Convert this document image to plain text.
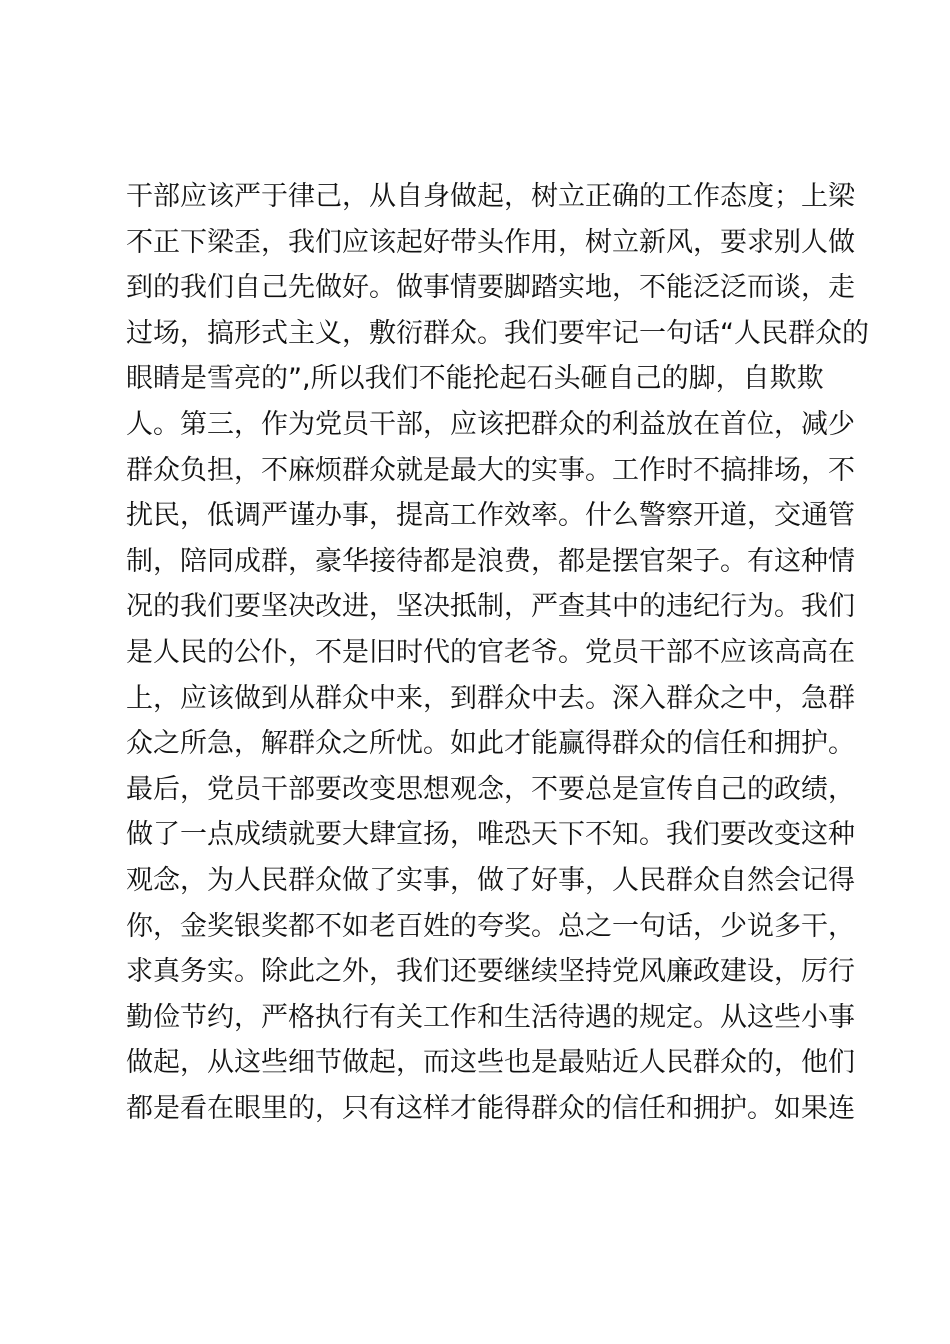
干部应该严于律己，从自身做起，树立正确的工作态度；上梁
不正下梁歪，我们应该起好带头作用，树立新风，要求别人做
到的我们自己先做好。做事情要脚踏实地，不能泛泛而谈，走
过场，搞形式主义，敷衍群众。我们要牢记一句话“人民群众的
眼睛是雪亮的”,所以我们不能抡起石头砸自己的脚，自欺欺
人。第三，作为党员干部，应该把群众的利益放在首位，减少
群众负担，不麻烦群众就是最大的实事。工作时不搞排场，不
扰民，低调严谨办事，提高工作效率。什么警察开道，交通管
制，陪同成群，豪华接待都是浪费，都是摆官架子。有这种情
况的我们要坚决改进，坚决抵制，严查其中的违纪行为。我们
是人民的公仆，不是旧时代的官老爷。党员干部不应该高高在
上，应该做到从群众中来，到群众中去。深入群众之中，急群
众之所急，解群众之所忧。如此才能赢得群众的信任和拥护。
最后，党员干部要改变思想观念，不要总是宣传自己的政绩，
做了一点成绩就要大肆宣扬，唯恐天下不知。我们要改变这种
观念，为人民群众做了实事，做了好事，人民群众自然会记得
你，金奖银奖都不如老百姓的夸奖。总之一句话，少说多干，
求真务实。除此之外，我们还要继续坚持党风廉政建设，厉行
勤俭节约，严格执行有关工作和生活待遇的规定。从这些小事
做起，从这些细节做起，而这些也是最贴近人民群众的，他们
都是看在眼里的，只有这样才能得群众的信任和拥护。如果连
